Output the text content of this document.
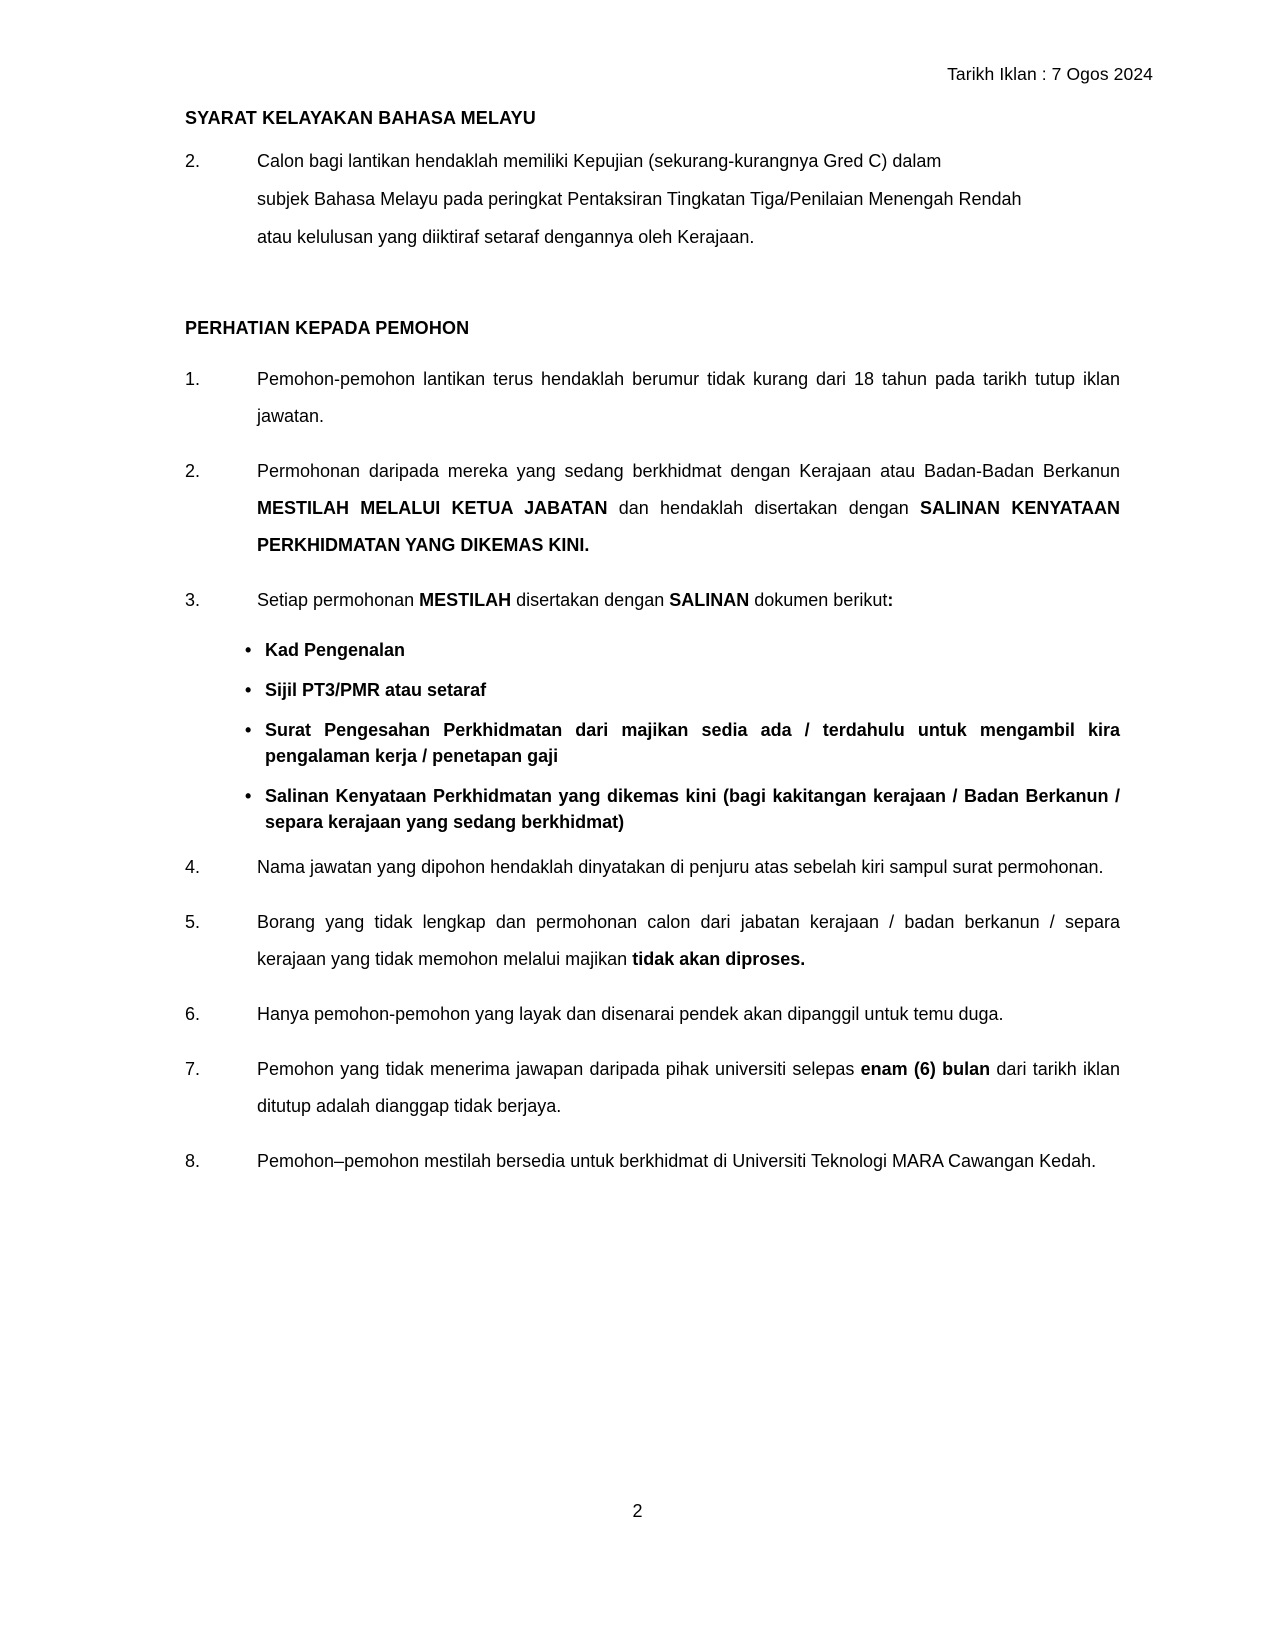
Tarikh Iklan : 7 Ogos 2024
SYARAT KELAYAKAN BAHASA MELAYU
2.	Calon bagi lantikan hendaklah memiliki Kepujian (sekurang-kurangnya Gred C) dalam
subjek Bahasa Melayu pada peringkat Pentaksiran Tingkatan Tiga/Penilaian Menengah Rendah
atau kelulusan yang diiktiraf setaraf dengannya oleh Kerajaan.
PERHATIAN KEPADA PEMOHON
1.	Pemohon-pemohon lantikan terus hendaklah berumur tidak kurang dari 18 tahun pada tarikh tutup iklan jawatan.
2.	Permohonan daripada mereka yang sedang berkhidmat dengan Kerajaan atau Badan-Badan Berkanun MESTILAH MELALUI KETUA JABATAN dan hendaklah disertakan dengan SALINAN KENYATAAN PERKHIDMATAN YANG DIKEMAS KINI.
3.	Setiap permohonan MESTILAH disertakan dengan SALINAN dokumen berikut:
• Kad Pengenalan
• Sijil PT3/PMR atau setaraf
• Surat Pengesahan Perkhidmatan dari majikan sedia ada / terdahulu untuk mengambil kira pengalaman kerja / penetapan gaji
• Salinan Kenyataan Perkhidmatan yang dikemas kini (bagi kakitangan kerajaan / Badan Berkanun / separa kerajaan yang sedang berkhidmat)
4.	Nama jawatan yang dipohon hendaklah dinyatakan di penjuru atas sebelah kiri sampul surat permohonan.
5.	Borang yang tidak lengkap dan permohonan calon dari jabatan kerajaan / badan berkanun / separa kerajaan yang tidak memohon melalui majikan tidak akan diproses.
6.	Hanya pemohon-pemohon yang layak dan disenarai pendek akan dipanggil untuk temu duga.
7.	Pemohon yang tidak menerima jawapan daripada pihak universiti selepas enam (6) bulan dari tarikh iklan ditutup adalah dianggap tidak berjaya.
8.	Pemohon–pemohon mestilah bersedia untuk berkhidmat di Universiti Teknologi MARA Cawangan Kedah.
2
